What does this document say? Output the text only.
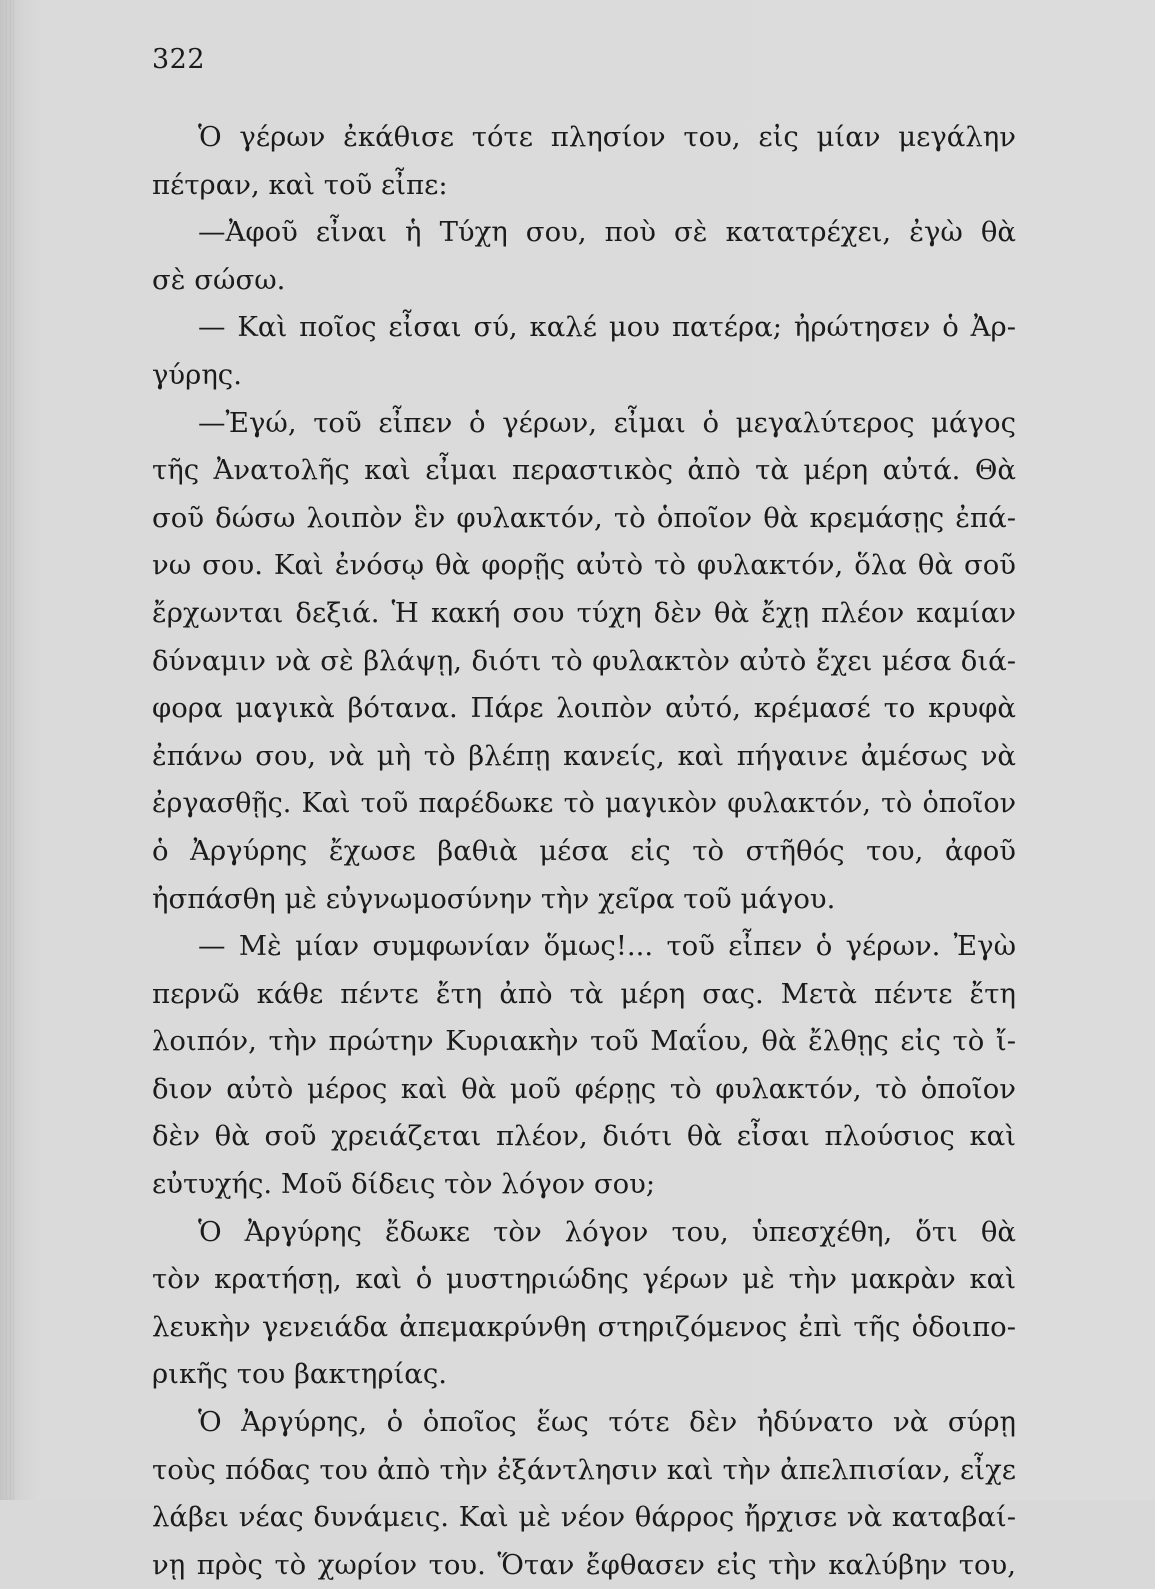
322
Ὁ γέρων ἐκάθισε τότε πλησίον του, εἰς μίαν μεγάλην
πέτραν, καὶ τοῦ εἶπε:
—Ἀφοῦ εἶναι ἡ Τύχη σου, ποὺ σὲ κατατρέχει, ἐγὼ θὰ
σὲ σώσω.
— Καὶ ποῖος εἶσαι σύ, καλέ μου πατέρα; ἠρώτησεν ὁ Ἀρ-
γύρης.
—Ἐγώ, τοῦ εἶπεν ὁ γέρων, εἶμαι ὁ μεγαλύτερος μάγος
τῆς Ἀνατολῆς καὶ εἶμαι περαστικὸς ἀπὸ τὰ μέρη αὐτά. Θὰ
σοῦ δώσω λοιπὸν ἓν φυλακτόν, τὸ ὁποῖον θὰ κρεμάσῃς ἐπά-
νω σου. Καὶ ἐνόσῳ θὰ φορῇς αὐτὸ τὸ φυλακτόν, ὅλα θὰ σοῦ
ἔρχωνται δεξιά. Ἡ κακή σου τύχη δὲν θὰ ἔχῃ πλέον καμίαν
δύναμιν νὰ σὲ βλάψῃ, διότι τὸ φυλακτὸν αὐτὸ ἔχει μέσα διά-
φορα μαγικὰ βότανα. Πάρε λοιπὸν αὐτό, κρέμασέ το κρυφὰ
ἐπάνω σου, νὰ μὴ τὸ βλέπῃ κανείς, καὶ πήγαινε ἀμέσως νὰ
ἐργασθῇς. Καὶ τοῦ παρέδωκε τὸ μαγικὸν φυλακτόν, τὸ ὁποῖον
ὁ Ἀργύρης ἔχωσε βαθιὰ μέσα εἰς τὸ στῆθός του, ἀφοῦ
ἠσπάσθη μὲ εὐγνωμοσύνην τὴν χεῖρα τοῦ μάγου.
— Μὲ μίαν συμφωνίαν ὅμως!... τοῦ εἶπεν ὁ γέρων. Ἐγὼ
περνῶ κάθε πέντε ἔτη ἀπὸ τὰ μέρη σας. Μετὰ πέντε ἔτη
λοιπόν, τὴν πρώτην Κυριακὴν τοῦ Μαΐου, θὰ ἔλθῃς εἰς τὸ ἴ-
διον αὐτὸ μέρος καὶ θὰ μοῦ φέρῃς τὸ φυλακτόν, τὸ ὁποῖον
δὲν θὰ σοῦ χρειάζεται πλέον, διότι θὰ εἶσαι πλούσιος καὶ
εὐτυχής. Μοῦ δίδεις τὸν λόγον σου;
Ὁ Ἀργύρης ἔδωκε τὸν λόγον του, ὑπεσχέθη, ὅτι θὰ
τὸν κρατήσῃ, καὶ ὁ μυστηριώδης γέρων μὲ τὴν μακρὰν καὶ
λευκὴν γενειάδα ἀπεμακρύνθη στηριζόμενος ἐπὶ τῆς ὁδοιπο-
ρικῆς του βακτηρίας.
Ὁ Ἀργύρης, ὁ ὁποῖος ἕως τότε δὲν ἠδύνατο νὰ σύρῃ
τοὺς πόδας του ἀπὸ τὴν ἐξάντλησιν καὶ τὴν ἀπελπισίαν, εἶχε
λάβει νέας δυνάμεις. Καὶ μὲ νέον θάρρος ἤρχισε νὰ καταβαί-
νῃ πρὸς τὸ χωρίον του. Ὅταν ἔφθασεν εἰς τὴν καλύβην του,
